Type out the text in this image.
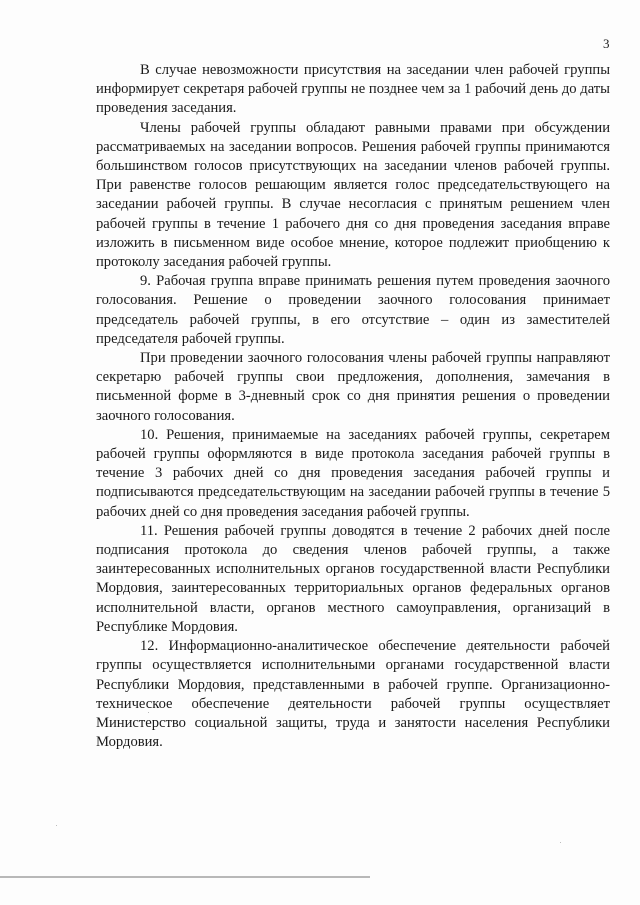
3

В случае невозможности присутствия на заседании член рабочей группы информирует секретаря рабочей группы не позднее чем за 1 рабочий день до даты проведения заседания.

Члены рабочей группы обладают равными правами при обсуждении рассматриваемых на заседании вопросов. Решения рабочей группы принимаются большинством голосов присутствующих на заседании членов рабочей группы. При равенстве голосов решающим является голос председательствующего на заседании рабочей группы. В случае несогласия с принятым решением член рабочей группы в течение 1 рабочего дня со дня проведения заседания вправе изложить в письменном виде особое мнение, которое подлежит приобщению к протоколу заседания рабочей группы.

9. Рабочая группа вправе принимать решения путем проведения заочного голосования. Решение о проведении заочного голосования принимает председатель рабочей группы, в его отсутствие – один из заместителей председателя рабочей группы.

При проведении заочного голосования члены рабочей группы направляют секретарю рабочей группы свои предложения, дополнения, замечания в письменной форме в 3-дневный срок со дня принятия решения о проведении заочного голосования.

10. Решения, принимаемые на заседаниях рабочей группы, секретарем рабочей группы оформляются в виде протокола заседания рабочей группы в течение 3 рабочих дней со дня проведения заседания рабочей группы и подписываются председательствующим на заседании рабочей группы в течение 5 рабочих дней со дня проведения заседания рабочей группы.

11. Решения рабочей группы доводятся в течение 2 рабочих дней после подписания протокола до сведения членов рабочей группы, а также заинтересованных исполнительных органов государственной власти Республики Мордовия, заинтересованных территориальных органов федеральных органов исполнительной власти, органов местного самоуправления, организаций в Республике Мордовия.

12. Информационно-аналитическое обеспечение деятельности рабочей группы осуществляется исполнительными органами государственной власти Республики Мордовия, представленными в рабочей группе. Организационно-техническое обеспечение деятельности рабочей группы осуществляет Министерство социальной защиты, труда и занятости населения Республики Мордовия.
